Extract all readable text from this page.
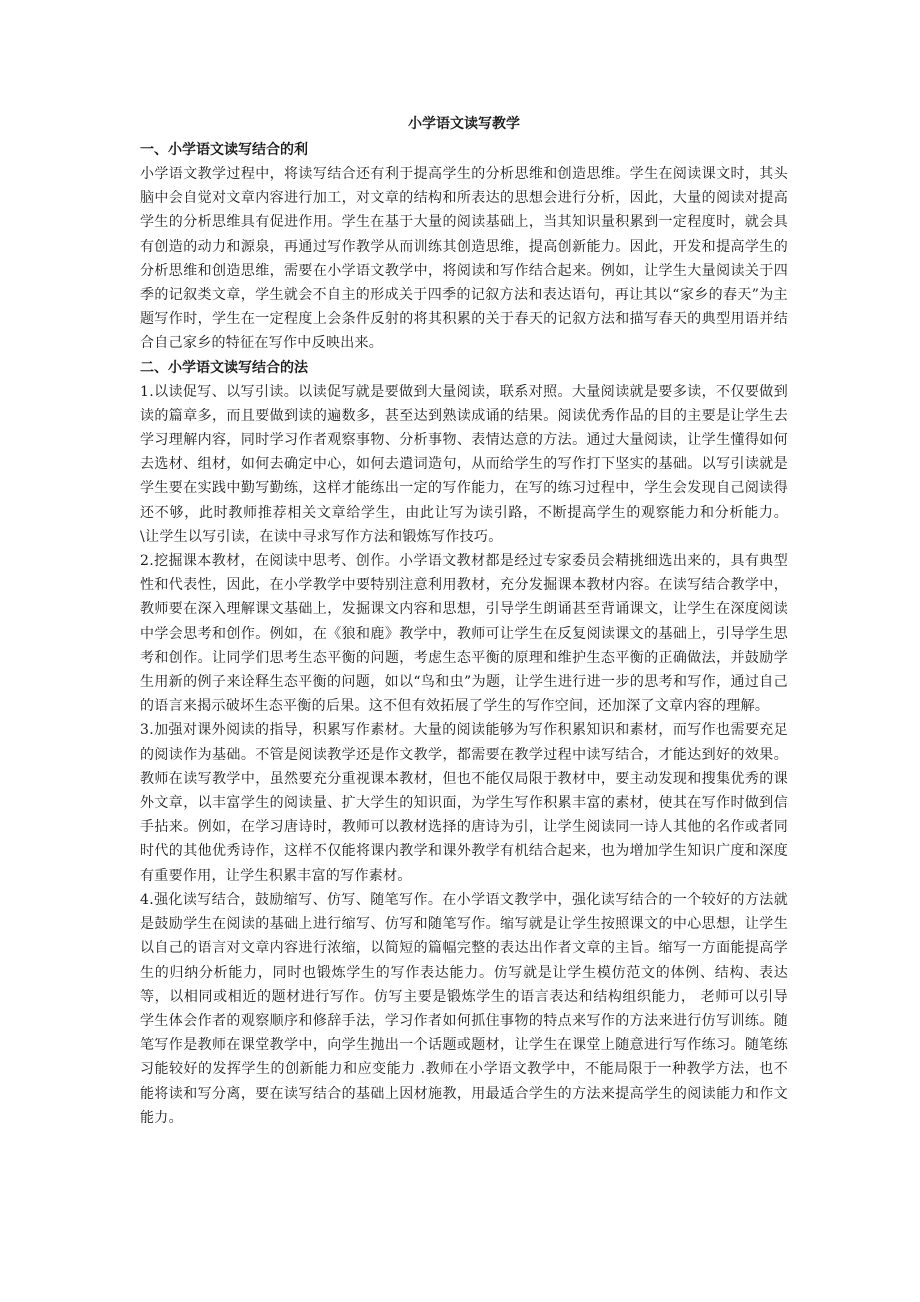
小学语文读写教学
一、小学语文读写结合的利

小学语文教学过程中，将读写结合还有利于提高学生的分析思维和创造思维。学生在阅读课文时，其头脑中会自觉对文章内容进行加工，对文章的结构和所表达的思想会进行分析，因此，大量的阅读对提高学生的分析思维具有促进作用。学生在基于大量的阅读基础上，当其知识量积累到一定程度时，就会具有创造的动力和源泉，再通过写作教学从而训练其创造思维，提高创新能力。因此，开发和提高学生的分析思维和创造思维，需要在小学语文教学中，将阅读和写作结合起来。例如，让学生大量阅读关于四季的记叙类文章，学生就会不自主的形成关于四季的记叙方法和表达语句，再让其以“家乡的春天”为主题写作时，学生在一定程度上会条件反射的将其积累的关于春天的记叙方法和描写春天的典型用语并结合自己家乡的特征在写作中反映出来。

二、小学语文读写结合的法

1.以读促写、以写引读。以读促写就是要做到大量阅读，联系对照。大量阅读就是要多读，不仅要做到读的篇章多，而且要做到读的遍数多，甚至达到熟读成诵的结果。阅读优秀作品的目的主要是让学生去学习理解内容，同时学习作者观察事物、分析事物、表情达意的方法。通过大量阅读，让学生懂得如何去选材、组材，如何去确定中心，如何去遣词造句，从而给学生的写作打下坚实的基础。以写引读就是学生要在实践中勤写勤练，这样才能练出一定的写作能力，在写的练习过程中，学生会发现自己阅读得还不够，此时教师推荐相关文章给学生，由此让写为读引路，不断提高学生的观察能力和分析能力。\让学生以写引读，在读中寻求写作方法和锻炼写作技巧。

2.挖掘课本教材，在阅读中思考、创作。小学语文教材都是经过专家委员会精挑细选出来的，具有典型性和代表性，因此，在小学教学中要特别注意利用教材，充分发掘课本教材内容。在读写结合教学中，教师要在深入理解课文基础上，发掘课文内容和思想，引导学生朗诵甚至背诵课文，让学生在深度阅读中学会思考和创作。例如，在《狼和鹿》教学中，教师可让学生在反复阅读课文的基础上，引导学生思考和创作。让同学们思考生态平衡的问题，考虑生态平衡的原理和维护生态平衡的正确做法，并鼓励学生用新的例子来诠释生态平衡的问题，如以“鸟和虫”为题，让学生进行进一步的思考和写作，通过自己的语言来揭示破坏生态平衡的后果。这不但有效拓展了学生的写作空间，还加深了文章内容的理解。

3.加强对课外阅读的指导，积累写作素材。大量的阅读能够为写作积累知识和素材，而写作也需要充足的阅读作为基础。不管是阅读教学还是作文教学，都需要在教学过程中读写结合，才能达到好的效果。教师在读写教学中，虽然要充分重视课本教材，但也不能仅局限于教材中，要主动发现和搜集优秀的课外文章，以丰富学生的阅读量、扩大学生的知识面，为学生写作积累丰富的素材，使其在写作时做到信手拈来。例如，在学习唐诗时，教师可以教材选择的唐诗为引，让学生阅读同一诗人其他的名作或者同时代的其他优秀诗作，这样不仅能将课内教学和课外教学有机结合起来，也为增加学生知识广度和深度有重要作用，让学生积累丰富的写作素材。

4.强化读写结合，鼓励缩写、仿写、随笔写作。在小学语文教学中，强化读写结合的一个较好的方法就是鼓励学生在阅读的基础上进行缩写、仿写和随笔写作。缩写就是让学生按照课文的中心思想，让学生以自己的语言对文章内容进行浓缩，以简短的篇幅完整的表达出作者文章的主旨。缩写一方面能提高学生的归纳分析能力，同时也锻炼学生的写作表达能力。仿写就是让学生模仿范文的体例、结构、表达等，以相同或相近的题材进行写作。仿写主要是锻炼学生的语言表达和结构组织能力， 老师可以引导学生体会作者的观察顺序和修辞手法，学习作者如何抓住事物的特点来写作的方法来进行仿写训练。随笔写作是教师在课堂教学中，向学生抛出一个话题或题材，让学生在课堂上随意进行写作练习。随笔练习能较好的发挥学生的创新能力和应变能力 .教师在小学语文教学中，不能局限于一种教学方法，也不能将读和写分离，要在读写结合的基础上因材施教，用最适合学生的方法来提高学生的阅读能力和作文能力。
